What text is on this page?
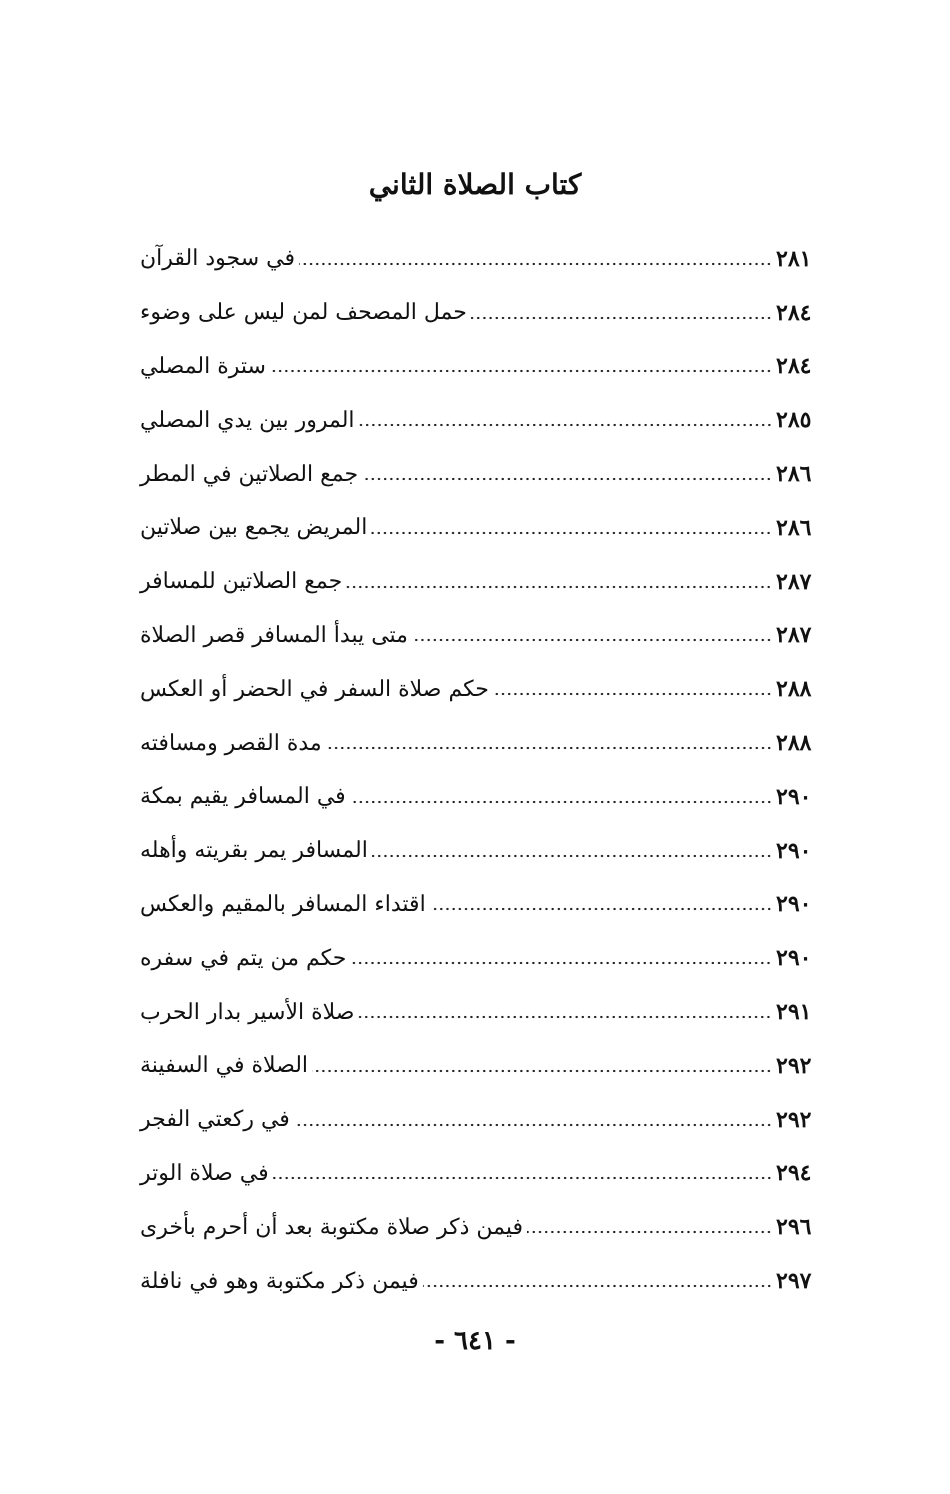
كتاب الصلاة الثاني
في سجود القرآن	٢٨١
حمل المصحف لمن ليس على وضوء	٢٨٤
سترة المصلي	٢٨٤
المرور بين يدي المصلي	٢٨٥
جمع الصلاتين في المطر	٢٨٦
المريض يجمع بين صلاتين	٢٨٦
جمع الصلاتين للمسافر	٢٨٧
متى يبدأ المسافر قصر الصلاة	٢٨٧
حكم صلاة السفر في الحضر أو العكس	٢٨٨
مدة القصر ومسافته	٢٨٨
في المسافر يقيم بمكة	٢٩٠
المسافر يمر بقريته وأهله	٢٩٠
اقتداء المسافر بالمقيم والعكس	٢٩٠
حكم من يتم في سفره	٢٩٠
صلاة الأسير بدار الحرب	٢٩١
الصلاة في السفينة	٢٩٢
في ركعتي الفجر	٢٩٢
في صلاة الوتر	٢٩٤
فيمن ذكر صلاة مكتوبة بعد أن أحرم بأخرى	٢٩٦
فيمن ذكر مكتوبة وهو في نافلة	٢٩٧
- ٦٤١ -
